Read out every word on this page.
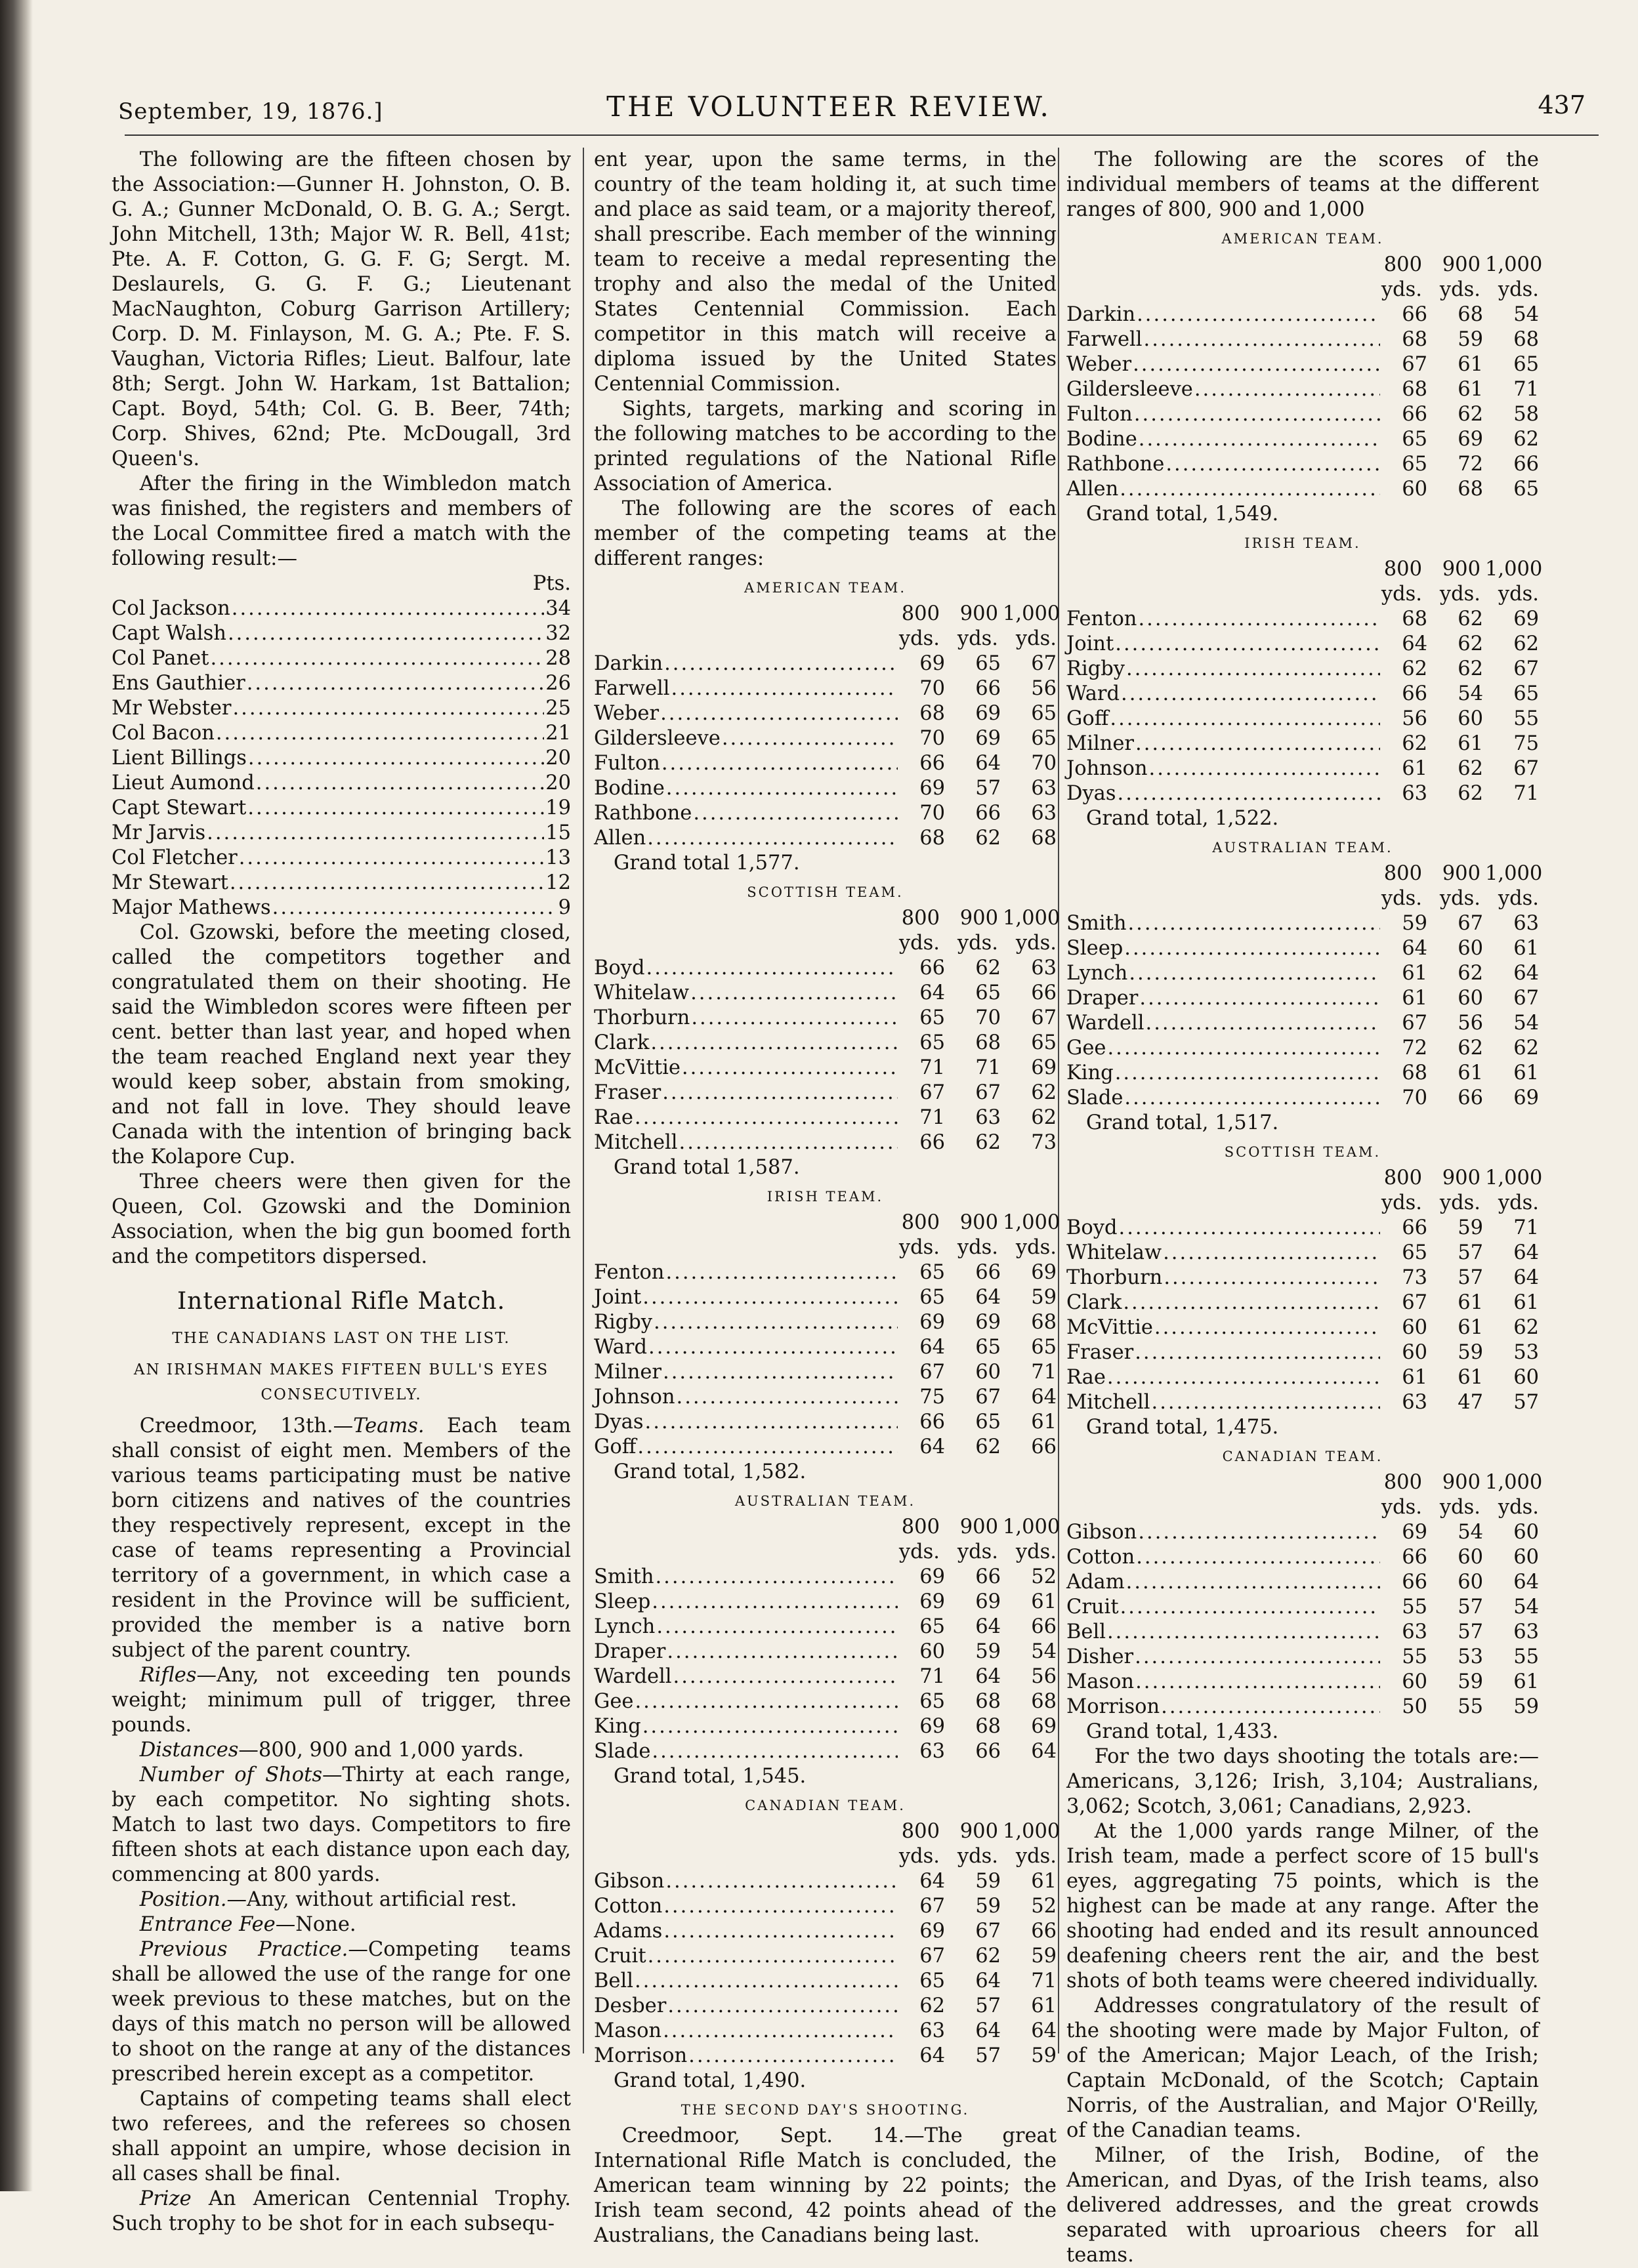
September, 19, 1876.]	THE VOLUNTEER REVIEW.	437

The following are the fifteen chosen by the Association:—Gunner H. Johnston, O. B. G. A.; Gunner McDonald, O. B. G. A.; Sergt. John Mitchell, 13th; Major W. R. Bell, 41st; Pte. A. F. Cotton, G. G. F. G; Sergt. M. Deslaurels, G. G. F. G.; Lieutenant MacNaughton, Coburg Garrison Artillery; Corp. D. M. Finlayson, M. G. A.; Pte. F. S. Vaughan, Victoria Rifles; Lieut. Balfour, late 8th; Sergt. John W. Harkam, 1st Battalion; Capt. Boyd, 54th; Col. G. B. Beer, 74th; Corp. Shives, 62nd; Pte. McDougall, 3rd Queen's.

After the firing in the Wimbledon match was finished, the registers and members of the Local Committee fired a match with the following result:—

Pts.
Col Jackson .....	34
Capt Walsh .....	32
Col Panet .....	28
Ens Gauthier .....	26
Mr Webster .....	25
Col Bacon .....	21
Lient Billings .....	20
Lieut Aumond .....	20
Capt Stewart .....	19
Mr Jarvis .....	15
Col Fletcher .....	13
Mr Stewart .....	12
Major Mathews .....	9

Col. Gzowski, before the meeting closed, called the competitors together and congratulated them on their shooting. He said the Wimbledon scores were fifteen per cent. better than last year, and hoped when the team reached England next year they would keep sober, abstain from smoking, and not fall in love. They should leave Canada with the intention of bringing back the Kolapore Cup.

Three cheers were then given for the Queen, Col. Gzowski and the Dominion Association, when the big gun boomed forth and the competitors dispersed.

International Rifle Match.
THE CANADIANS LAST ON THE LIST.
AN IRISHMAN MAKES FIFTEEN BULL'S EYES CONSECUTIVELY.

Creedmoor, 13th.—Teams. Each team shall consist of eight men. Members of the various teams participating must be native born citizens and natives of the countries they respectively represent, except in the case of teams representing a Provincial territory of a government, in which case a resident in the Province will be sufficient, provided the member is a native born subject of the parent country.

Rifles—Any, not exceeding ten pounds weight; minimum pull of trigger, three pounds.

Distances—800, 900 and 1,000 yards.

Number of Shots—Thirty at each range, by each competitor. No sighting shots. Match to last two days. Competitors to fire fifteen shots at each distance upon each day, commencing at 800 yards.

Position.—Any, without artificial rest.

Entrance Fee—None.

Previous Practice.—Competing teams shall be allowed the use of the range for one week previous to these matches, but on the days of this match no person will be allowed to shoot on the range at any of the distances prescribed herein except as a competitor.

Captains of competing teams shall elect two referees, and the referees so chosen shall appoint an umpire, whose decision in all cases shall be final.

Prize An American Centennial Trophy. Such trophy to be shot for in each subsequ-

ent year, upon the same terms, in the country of the team holding it, at such time and place as said team, or a majority thereof, shall prescribe. Each member of the winning team to receive a medal representing the trophy and also the medal of the United States Centennial Commission. Each competitor in this match will receive a diploma issued by the United States Centennial Commission.

Sights, targets, marking and scoring in the following matches to be according to the printed regulations of the National Rifle Association of America.

The following are the scores of each member of the competing teams at the different ranges:

AMERICAN TEAM.
800	900 1,000
yds. yds. yds.
Darkin .....	69	65	67
Farwell .....	70	66	56
Weber .....	68	69	65
Gildersleeve .....	70	69	65
Fulton .....	66	64	70
Bodine .....	69	57	63
Rathbone .....	70	66	63
Allen .....	68	62	68
Grand total 1,577.
SCOTTISH TEAM.
800	900 1,000
yds. yds. yds.
Boyd .....	66	62	63
Whitelaw .....	64	65	66
Thorburn .....	65	70	67
Clark .....	65	68	65
McVittie .....	71	71	69
Fraser .....	67	67	62
Rae .....	71	63	62
Mitchell .....	66	62	73
Grand total 1,587.
IRISH TEAM.
800	900 1,000
yds. yds. yds.
Fenton .....	65	66	69
Joint .....	65	64	59
Rigby .....	69	69	68
Ward .....	64	65	65
Milner .....	67	60	71
Johnson .....	75	67	64
Dyas .....	66	65	61
Goff .....	64	62	66
Grand total, 1,582.
AUSTRALIAN TEAM.
800	900 1,000
yds. yds. yds.
Smith .....	69	66	52
Sleep .....	69	69	61
Lynch .....	65	64	66
Draper .....	60	59	54
Wardell .....	71	64	56
Gee .....	65	68	68
King .....	69	68	69
Slade .....	63	66	64
Grand total, 1,545.
CANADIAN TEAM.
800	900 1,000
yds. yds. yds.
Gibson .....	64	59	61
Cotton .....	67	59	52
Adams .....	69	67	66
Cruit .....	67	62	59
Bell .....	65	64	71
Desber .....	62	57	61
Mason .....	63	64	64
Morrison .....	64	57	59
Grand total, 1,490.
THE SECOND DAY'S SHOOTING.

Creedmoor, Sept. 14.—The great International Rifle Match is concluded, the American team winning by 22 points; the Irish team second, 42 points ahead of the Australians, the Canadians being last.

The following are the scores of the individual members of teams at the different ranges of 800, 900 and 1,000

AMERICAN TEAM.
800	900 1,000
yds. yds. yds.
Darkin .....	66	68	54
Farwell .....	68	59	68
Weber .....	67	61	65
Gildersleeve .....	68	61	71
Fulton .....	66	62	58
Bodine .....	65	69	62
Rathbone .....	65	72	66
Allen .....	60	68	65
Grand total, 1,549.
IRISH TEAM.
800	900 1,000
yds. yds. yds.
Fenton .....	68	62	69
Joint .....	64	62	62
Rigby .....	62	62	67
Ward .....	66	54	65
Goff .....	56	60	55
Milner .....	62	61	75
Johnson .....	61	62	67
Dyas .....	63	62	71
Grand total, 1,522.
AUSTRALIAN TEAM.
800	900 1,000
yds. yds. yds.
Smith .....	59	67	63
Sleep .....	64	60	61
Lynch .....	61	62	64
Draper .....	61	60	67
Wardell .....	67	56	54
Gee .....	72	62	62
King .....	68	61	61
Slade .....	70	66	69
Grand total, 1,517.
SCOTTISH TEAM.
800	900 1,000
yds. yds. yds.
Boyd .....	66	59	71
Whitelaw .....	65	57	64
Thorburn .....	73	57	64
Clark .....	67	61	61
McVittie .....	60	61	62
Fraser .....	60	59	53
Rae .....	61	61	60
Mitchell .....	63	47	57
Grand total, 1,475.
CANADIAN TEAM.
800	900 1,000
yds. yds. yds.
Gibson .....	69	54	60
Cotton .....	66	60	60
Adam .....	66	60	64
Cruit .....	55	57	54
Bell .....	63	57	63
Disher .....	55	53	55
Mason .....	60	59	61
Morrison .....	50	55	59
Grand total, 1,433.

For the two days shooting the totals are:—Americans, 3,126; Irish, 3,104; Australians, 3,062; Scotch, 3,061; Canadians, 2,923.

At the 1,000 yards range Milner, of the Irish team, made a perfect score of 15 bull's eyes, aggregating 75 points, which is the highest can be made at any range. After the shooting had ended and its result announced deafening cheers rent the air, and the best shots of both teams were cheered individually.

Addresses congratulatory of the result of the shooting were made by Major Fulton, of of the American; Major Leach, of the Irish; Captain McDonald, of the Scotch; Captain Norris, of the Australian, and Major O'Reilly, of the Canadian teams.

Milner, of the Irish, Bodine, of the American, and Dyas, of the Irish teams, also delivered addresses, and the great crowds separated with uproarious cheers for all teams.
